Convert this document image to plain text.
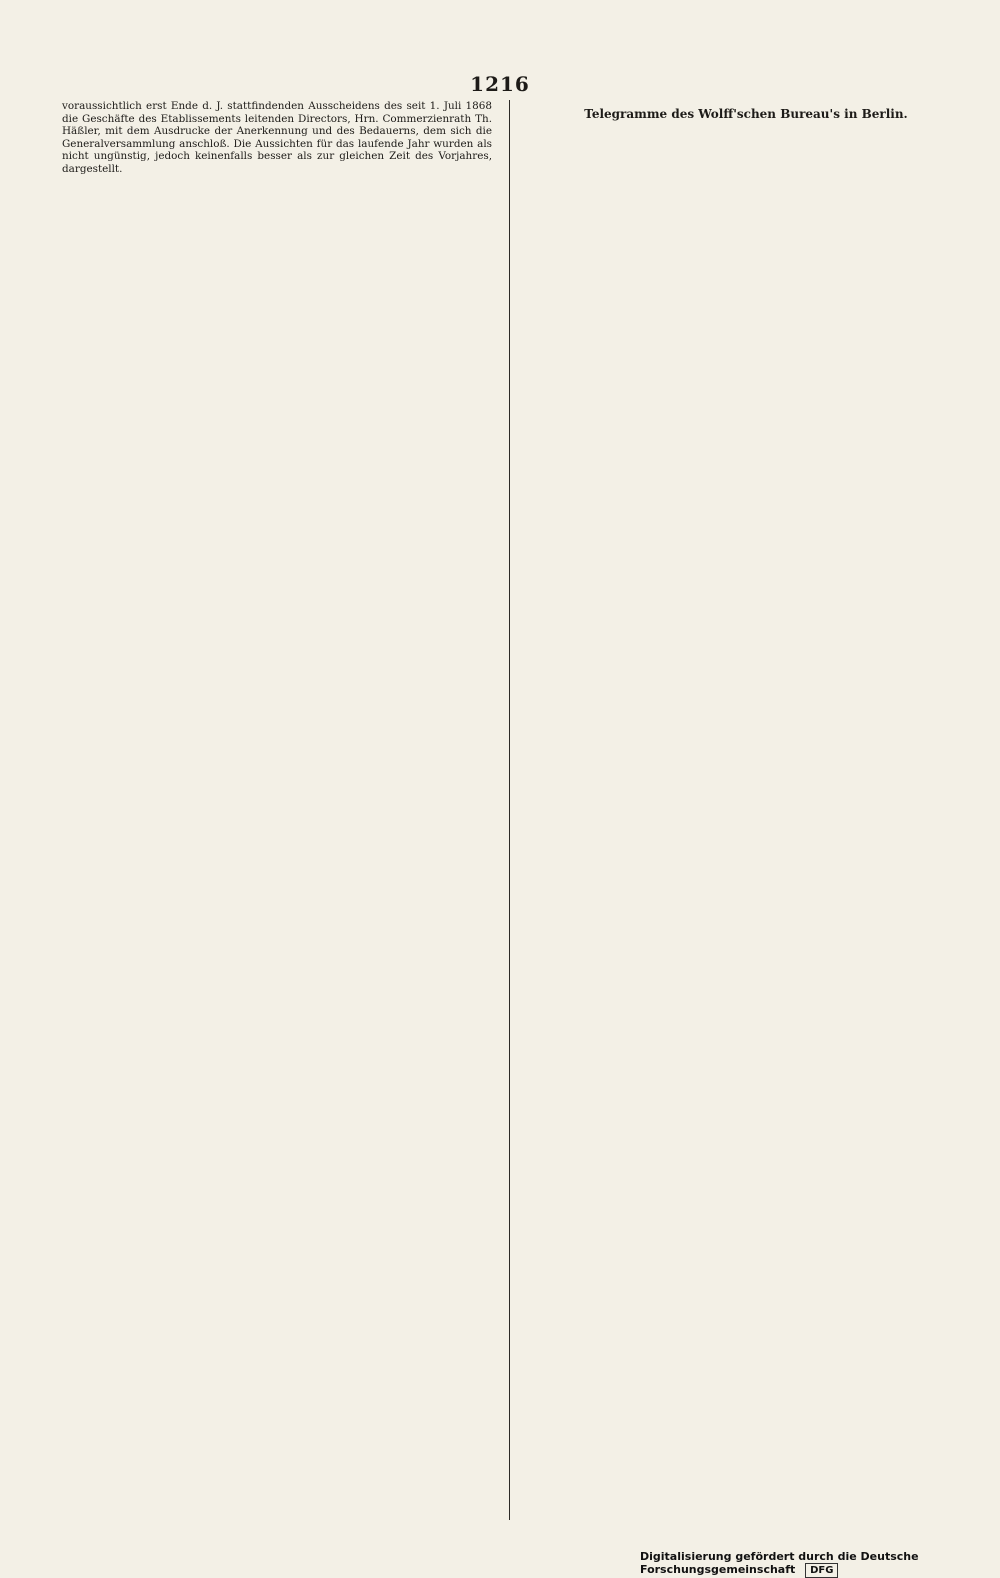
1216

voraussichtlich erst Ende d. J. stattfindenden Ausscheidens des seit 1. Juli 1868 die Geschäfte des Etablissements leitenden Directors, Hrn. Commerzienrath Th. Häßler, mit dem Ausdrucke der Anerkennung und des Bedauerns, dem sich die Generalversammlung anschloß. Die Aussichten für das laufende Jahr wurden als nicht ungünstig, jedoch keinenfalls besser als zur gleichen Zeit des Vorjahres, dargestellt.

Telegramme des Wolff'schen Bureau's in Berlin.
Digitalisierung gefördert durch die Deutsche Forschungsgemeinschaft DFG
